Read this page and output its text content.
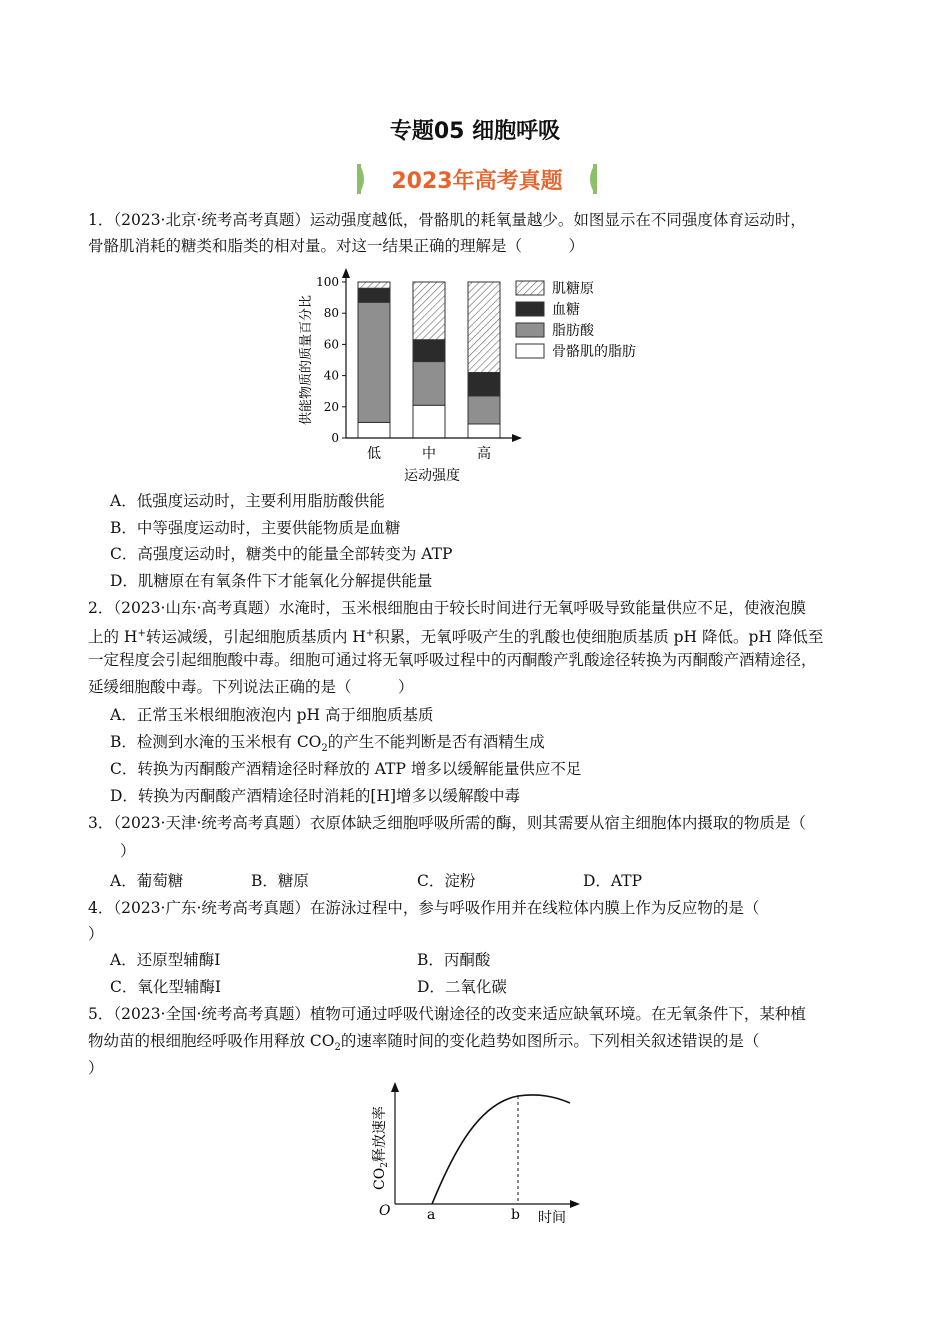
专题05 细胞呼吸
2023年高考真题
1．（2023·北京·统考高考真题）运动强度越低，骨骼肌的耗氧量越少。如图显示在不同强度体育运动时，
骨骼肌消耗的糖类和脂类的相对量。对这一结果正确的理解是（　　　）
低	中	高
0
20
40
60
80
100
运动强度
供能物质的质量百分比
肌糖原
血糖
脂肪酸
骨骼肌的脂肪
A．低强度运动时，主要利用脂肪酸供能
B．中等强度运动时，主要供能物质是血糖
C．高强度运动时，糖类中的能量全部转变为 ATP
D．肌糖原在有氧条件下才能氧化分解提供能量
2．（2023·山东·高考真题）水淹时，玉米根细胞由于较长时间进行无氧呼吸导致能量供应不足，使液泡膜
上的 H+转运减缓，引起细胞质基质内 H+积累，无氧呼吸产生的乳酸也使细胞质基质 pH 降低。pH 降低至
一定程度会引起细胞酸中毒。细胞可通过将无氧呼吸过程中的丙酮酸产乳酸途径转换为丙酮酸产酒精途径，
延缓细胞酸中毒。下列说法正确的是（　　　）
A．正常玉米根细胞液泡内 pH 高于细胞质基质
B．检测到水淹的玉米根有 $CO_2$的产生不能判断是否有酒精生成
C．转换为丙酮酸产酒精途径时释放的 ATP 增多以缓解能量供应不足
D．转换为丙酮酸产酒精途径时消耗的[H]增多以缓解酸中毒
3．（2023·天津·统考高考真题）衣原体缺乏细胞呼吸所需的酶，则其需要从宿主细胞体内摄取的物质是（
）
A．葡萄糖	B．糖原	C．淀粉	D．ATP
4．（2023·广东·统考高考真题）在游泳过程中，参与呼吸作用并在线粒体内膜上作为反应物的是（
）
A．还原型辅酶Ⅰ	B．丙酮酸
C．氧化型辅酶Ⅰ	D．二氧化碳
5．（2023·全国·统考高考真题）植物可通过呼吸代谢途径的改变来适应缺氧环境。在无氧条件下，某种植
物幼苗的根细胞经呼吸作用释放 $CO_2$的速率随时间的变化趋势如图所示。下列相关叙述错误的是（
）
O	a	b 时间
$CO_2$释放速率
